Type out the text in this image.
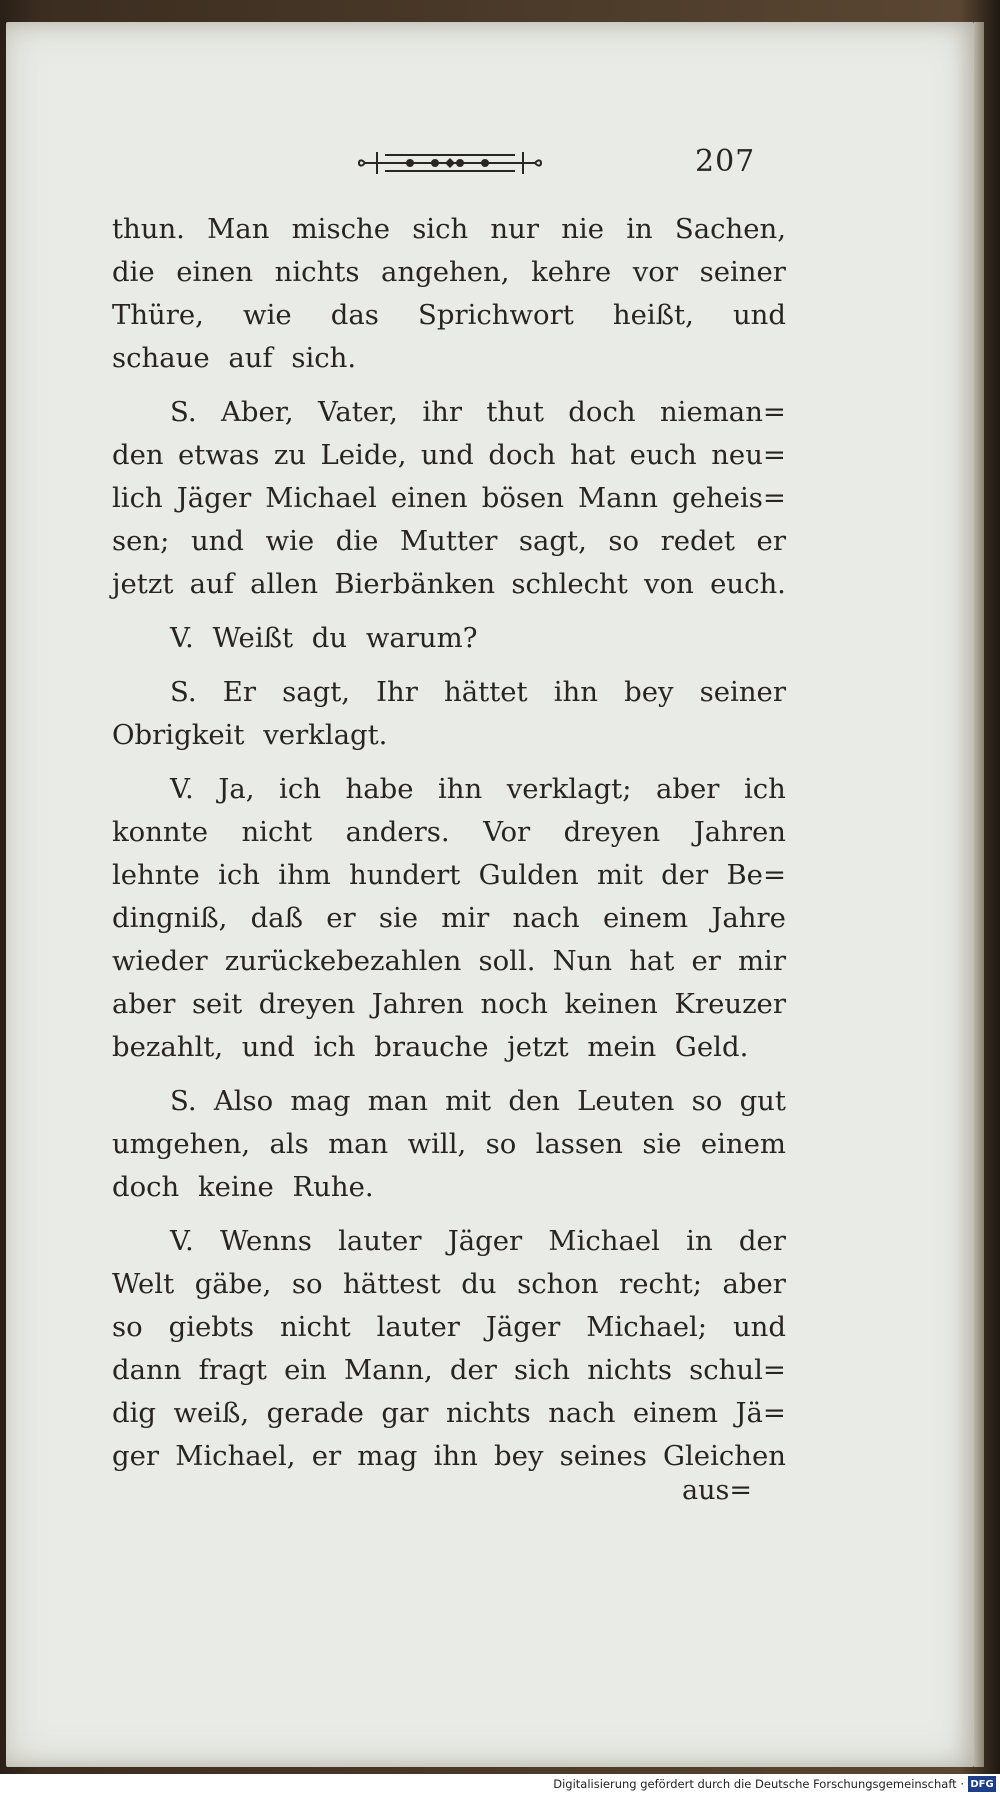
207
thun. Man mische sich nur nie in Sachen,
die einen nichts angehen, kehre vor seiner
Thüre, wie das Sprichwort heißt, und
schaue auf sich.
S. Aber, Vater, ihr thut doch nieman=
den etwas zu Leide, und doch hat euch neu=
lich Jäger Michael einen bösen Mann geheis=
sen; und wie die Mutter sagt, so redet er
jetzt auf allen Bierbänken schlecht von euch.
V. Weißt du warum?
S. Er sagt, Ihr hättet ihn bey seiner
Obrigkeit verklagt.
V. Ja, ich habe ihn verklagt; aber ich
konnte nicht anders. Vor dreyen Jahren
lehnte ich ihm hundert Gulden mit der Be=
dingniß, daß er sie mir nach einem Jahre
wieder zurückebezahlen soll. Nun hat er mir
aber seit dreyen Jahren noch keinen Kreuzer
bezahlt, und ich brauche jetzt mein Geld.
S. Also mag man mit den Leuten so gut
umgehen, als man will, so lassen sie einem
doch keine Ruhe.
V. Wenns lauter Jäger Michael in der
Welt gäbe, so hättest du schon recht; aber
so giebts nicht lauter Jäger Michael; und
dann fragt ein Mann, der sich nichts schul=
dig weiß, gerade gar nichts nach einem Jä=
ger Michael, er mag ihn bey seines Gleichen
aus=
Digitalisierung gefördert durch die Deutsche Forschungsgemeinschaft · DFG
